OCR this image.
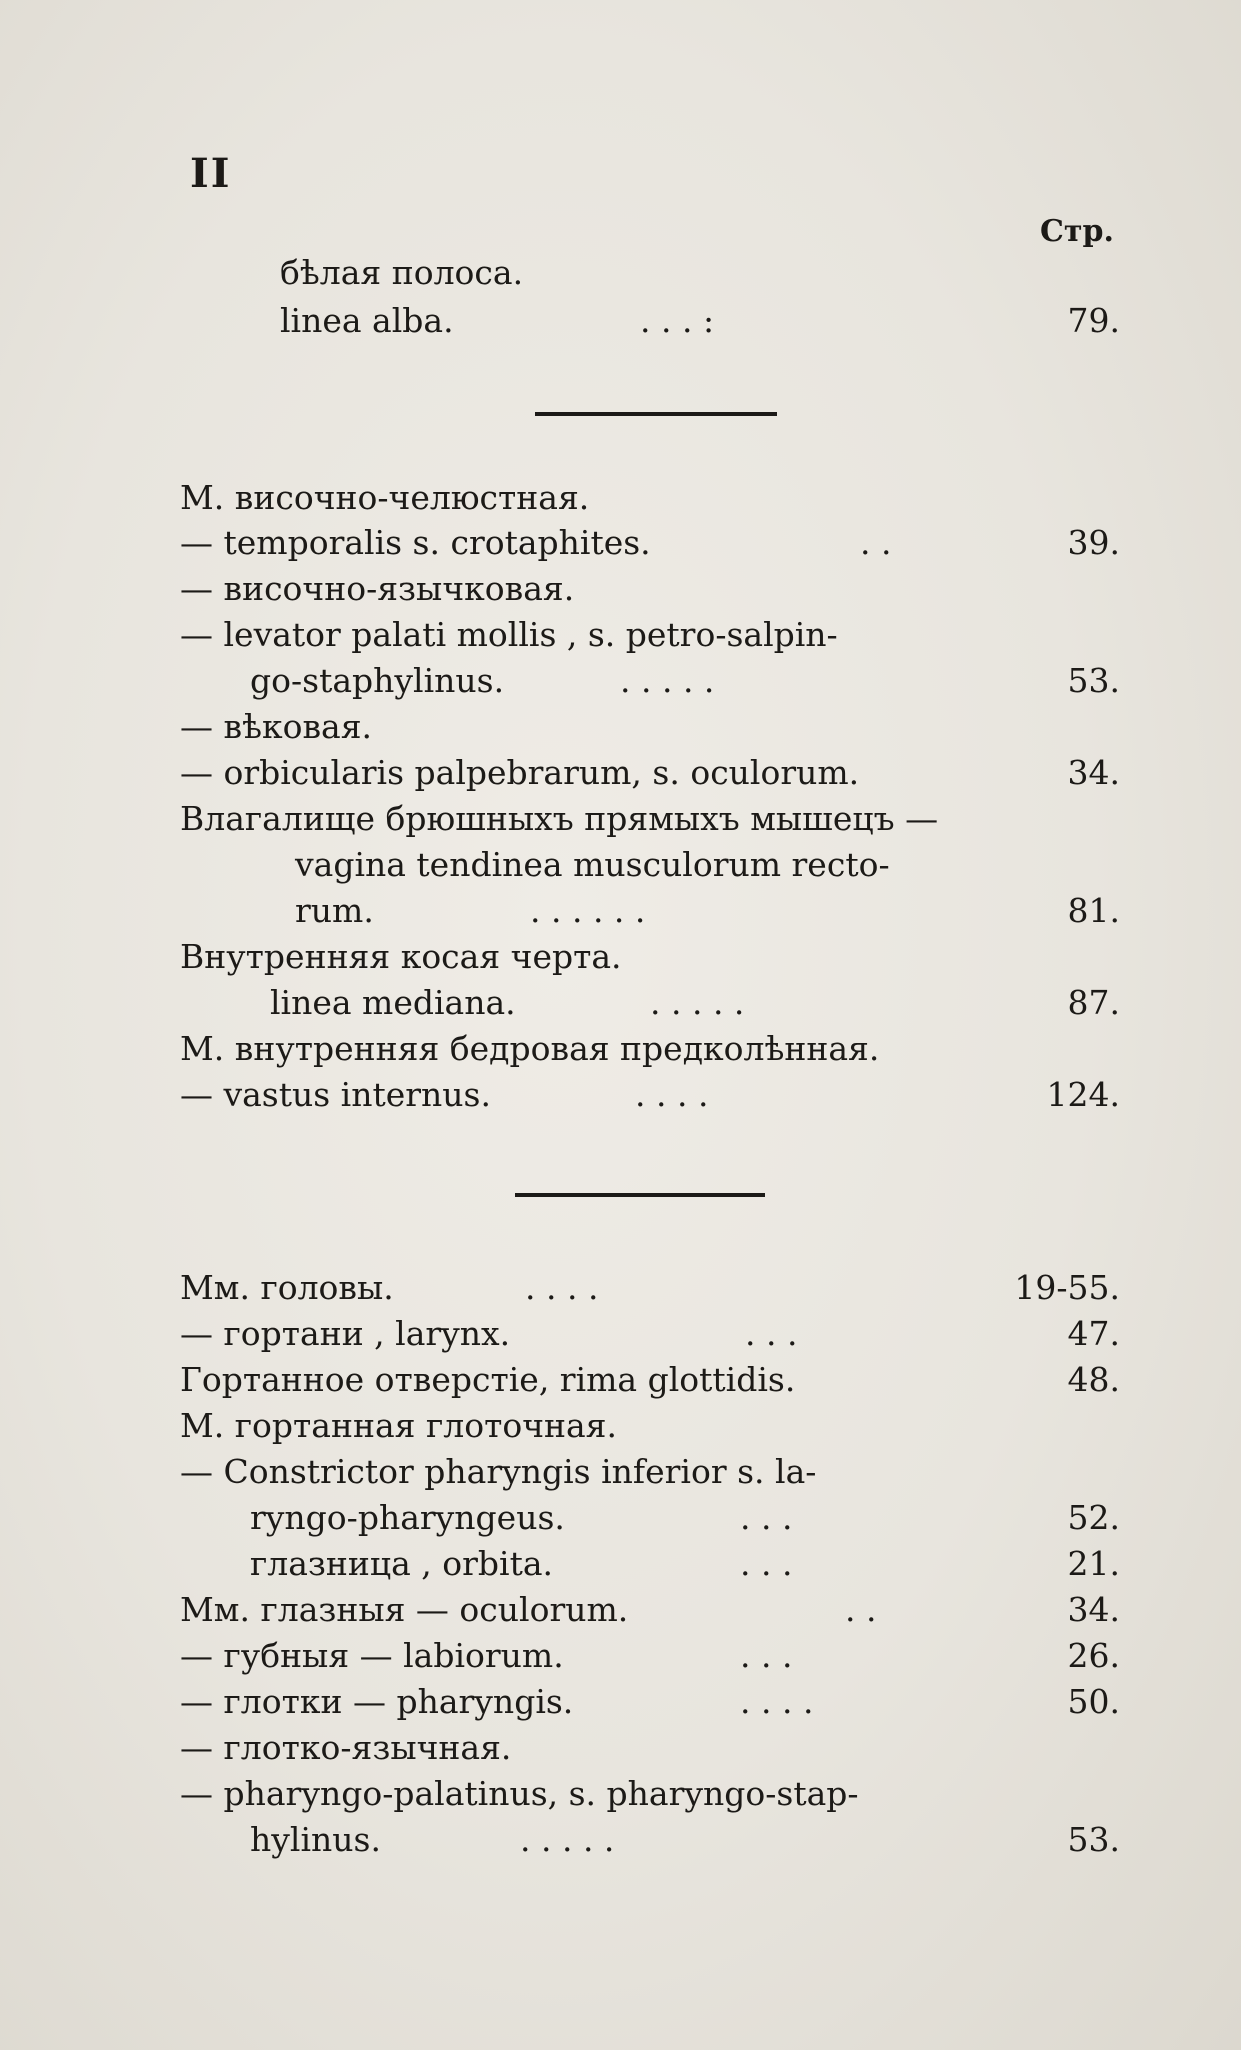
II
Стр.
бѣлая полоса.
linea alba.	. . . :	79.
M. височно-челюстная.
— temporalis s. crotaphites.	. .	39.
— височно-язычковая.
— levator palati mollis , s. petro-salpin-
go-staphylinus.	. . . . .	53.
— вѣковая.
— orbicularis palpebrarum, s. oculorum.	34.
Влагалище брюшныхъ прямыхъ мышецъ —
vagina tendinea musculorum recto-
rum.	. . . . . .	81.
Внутренняя косая черта.
linea mediana.	. . . . .	87.
M. внутренняя бедровая предколѣнная.
— vastus internus.	. . . .	124.
Мм. головы.	. . . .	19-55.
— гортани , larynx.	. . .	47.
Гортанное отверстіе, rima glottidis.	48.
M. гортанная глоточная.
— Constrictor pharyngis inferior s. la-
ryngo-pharyngeus.	. . .	52.
глазница , orbita.	. . .	21.
Мм. глазныя — oculorum.	. .	34.
— губныя — labiorum.	. . .	26.
— глотки — pharyngis.	. . . .	50.
— глотко-язычная.
— pharyngo-palatinus, s. pharyngo-stap-
hylinus.	. . . . .	53.
